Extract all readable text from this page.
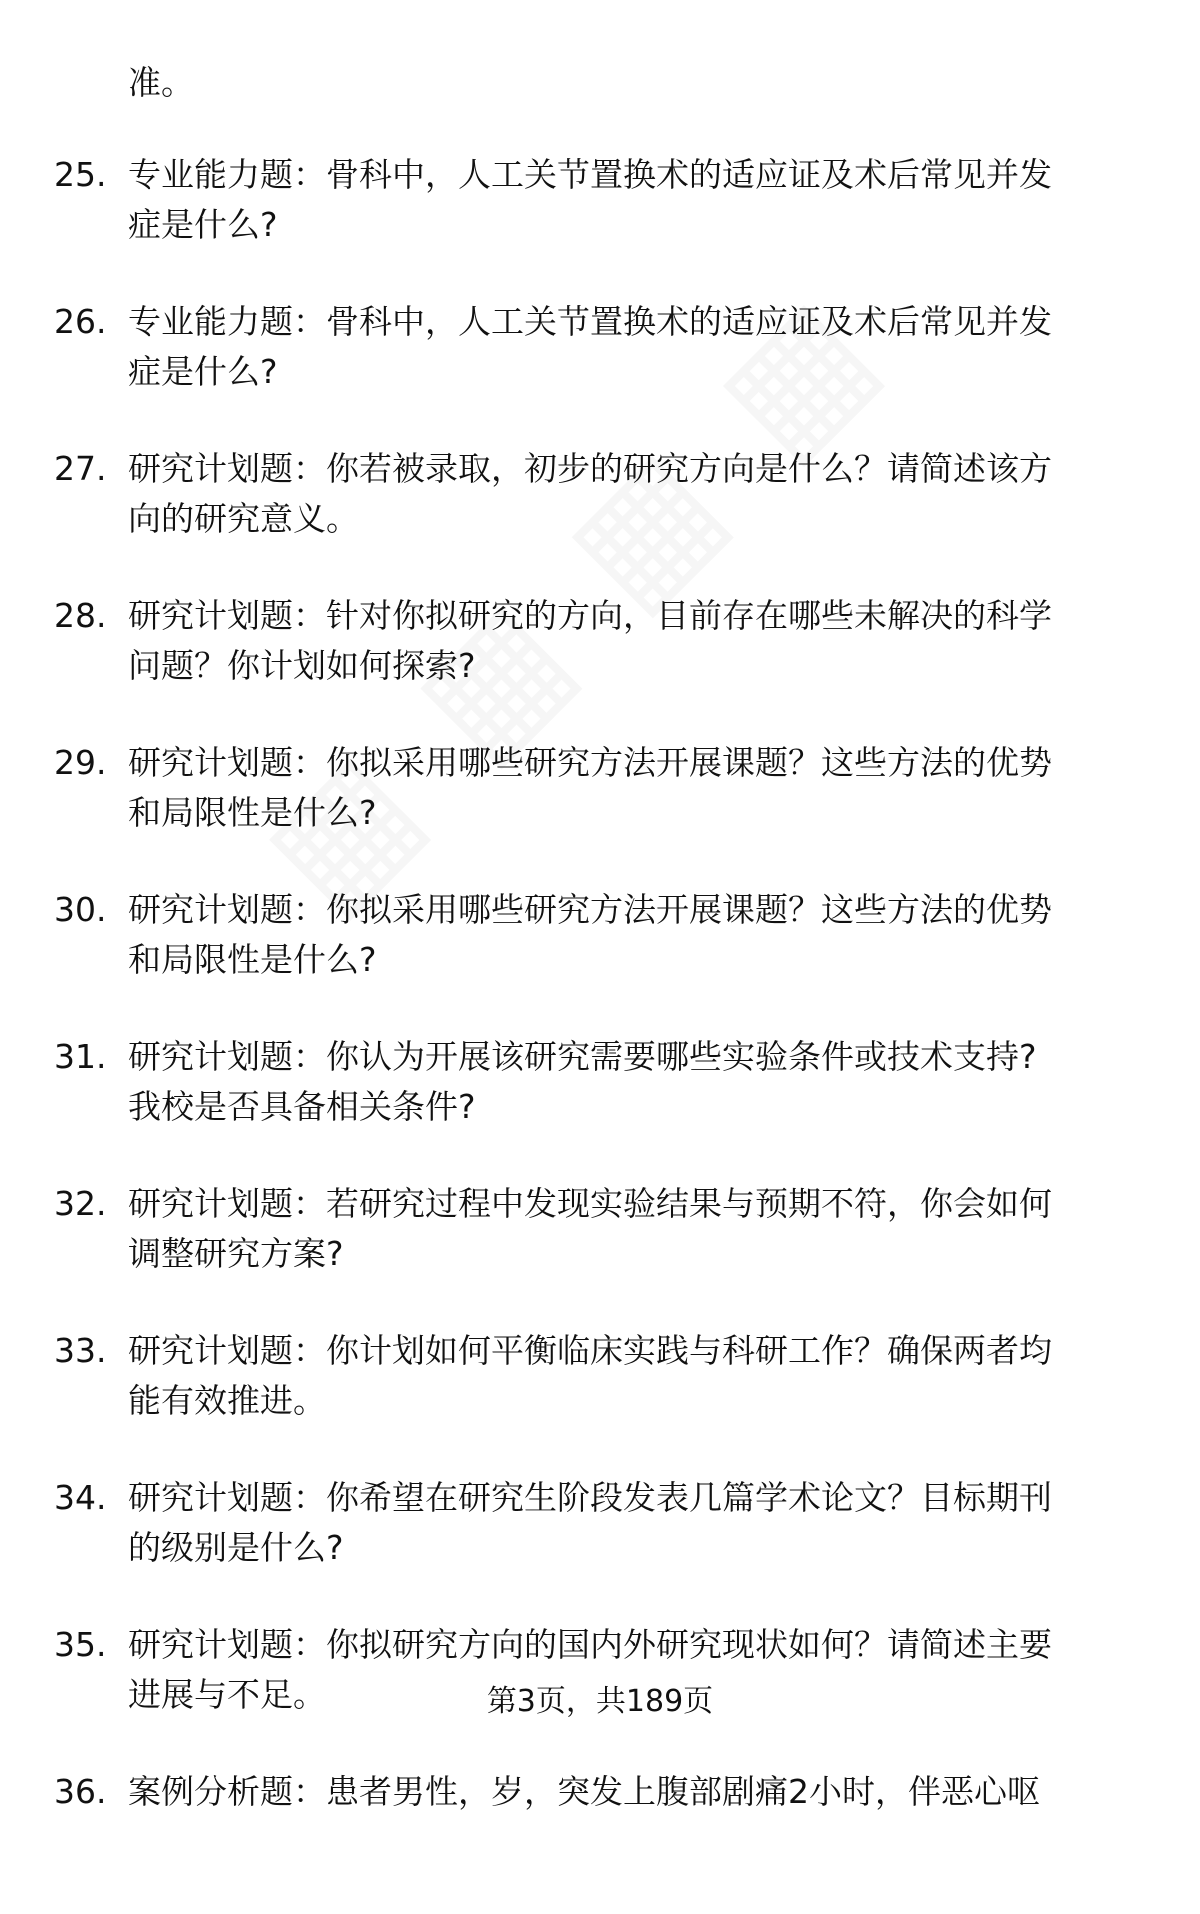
准。
25. 专业能力题：骨科中，人工关节置换术的适应证及术后常见并发
症是什么?
26. 专业能力题：骨科中，人工关节置换术的适应证及术后常见并发
症是什么?
27. 研究计划题：你若被录取，初步的研究方向是什么？请简述该方
向的研究意义。
28. 研究计划题：针对你拟研究的方向，目前存在哪些未解决的科学
问题？你计划如何探索?
29. 研究计划题：你拟采用哪些研究方法开展课题？这些方法的优势
和局限性是什么?
30. 研究计划题：你拟采用哪些研究方法开展课题？这些方法的优势
和局限性是什么?
31. 研究计划题：你认为开展该研究需要哪些实验条件或技术支持?
我校是否具备相关条件?
32. 研究计划题：若研究过程中发现实验结果与预期不符，你会如何
调整研究方案?
33. 研究计划题：你计划如何平衡临床实践与科研工作？确保两者均
能有效推进。
34. 研究计划题：你希望在研究生阶段发表几篇学术论文？目标期刊
的级别是什么?
35. 研究计划题：你拟研究方向的国内外研究现状如何？请简述主要
进展与不足。
36. 案例分析题：患者男性，岁，突发上腹部剧痛2小时，伴恶心呕
第3页，共189页
